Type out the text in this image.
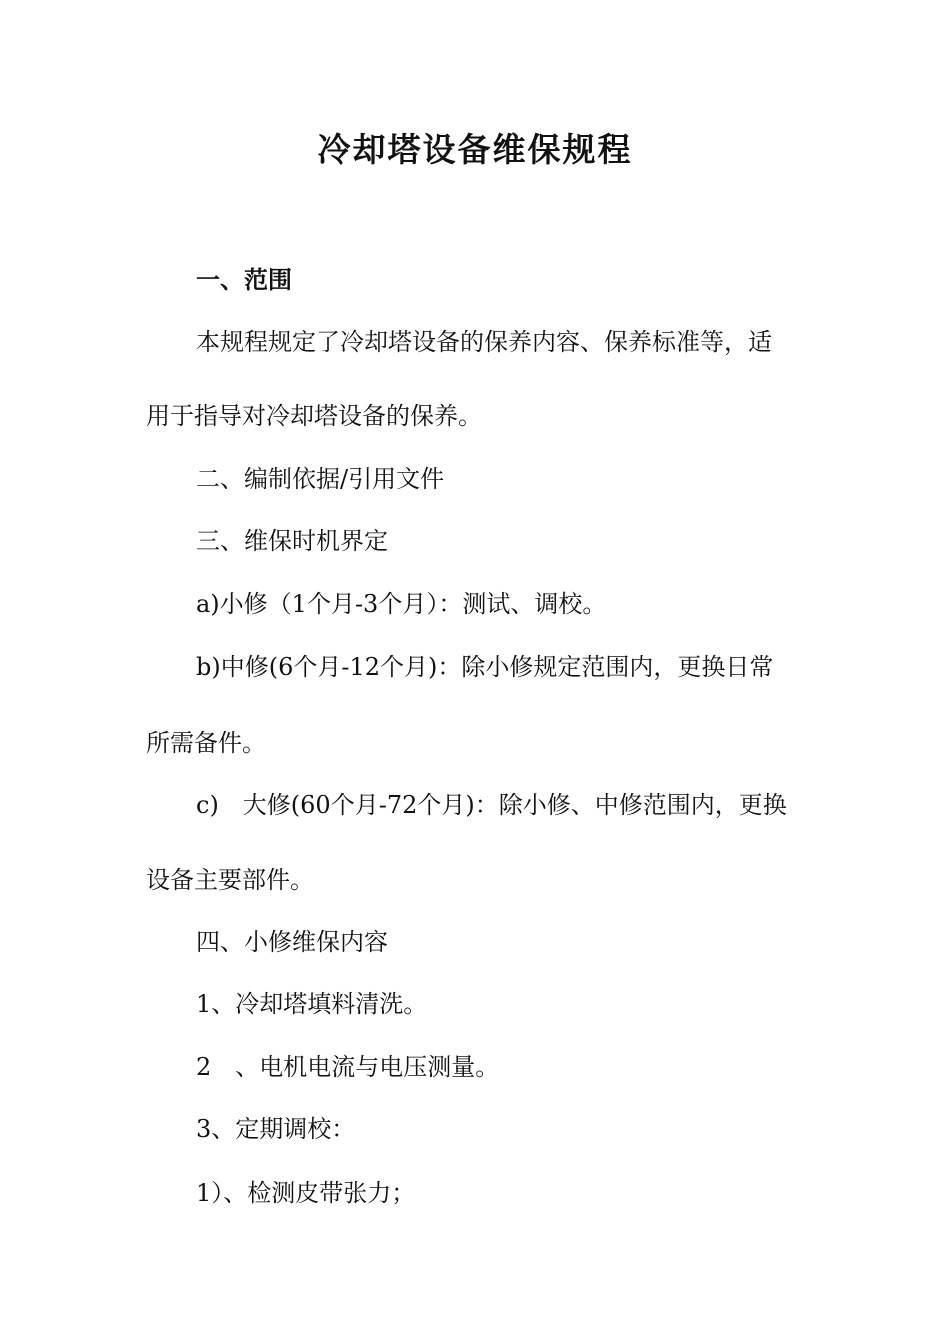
冷却塔设备维保规程
一、范围
本规程规定了冷却塔设备的保养内容、保养标准等，适
用于指导对冷却塔设备的保养。
二、编制依据/引用文件
三、维保时机界定
a)小修（1个月-3个月）：测试、调校。
b)中修(6个月-12个月)：除小修规定范围内，更换日常
所需备件。
c)　大修(60个月-72个月)：除小修、中修范围内，更换
设备主要部件。
四、小修维保内容
1、冷却塔填料清洗。
2　、电机电流与电压测量。
3、定期调校：
1）、检测皮带张力；
